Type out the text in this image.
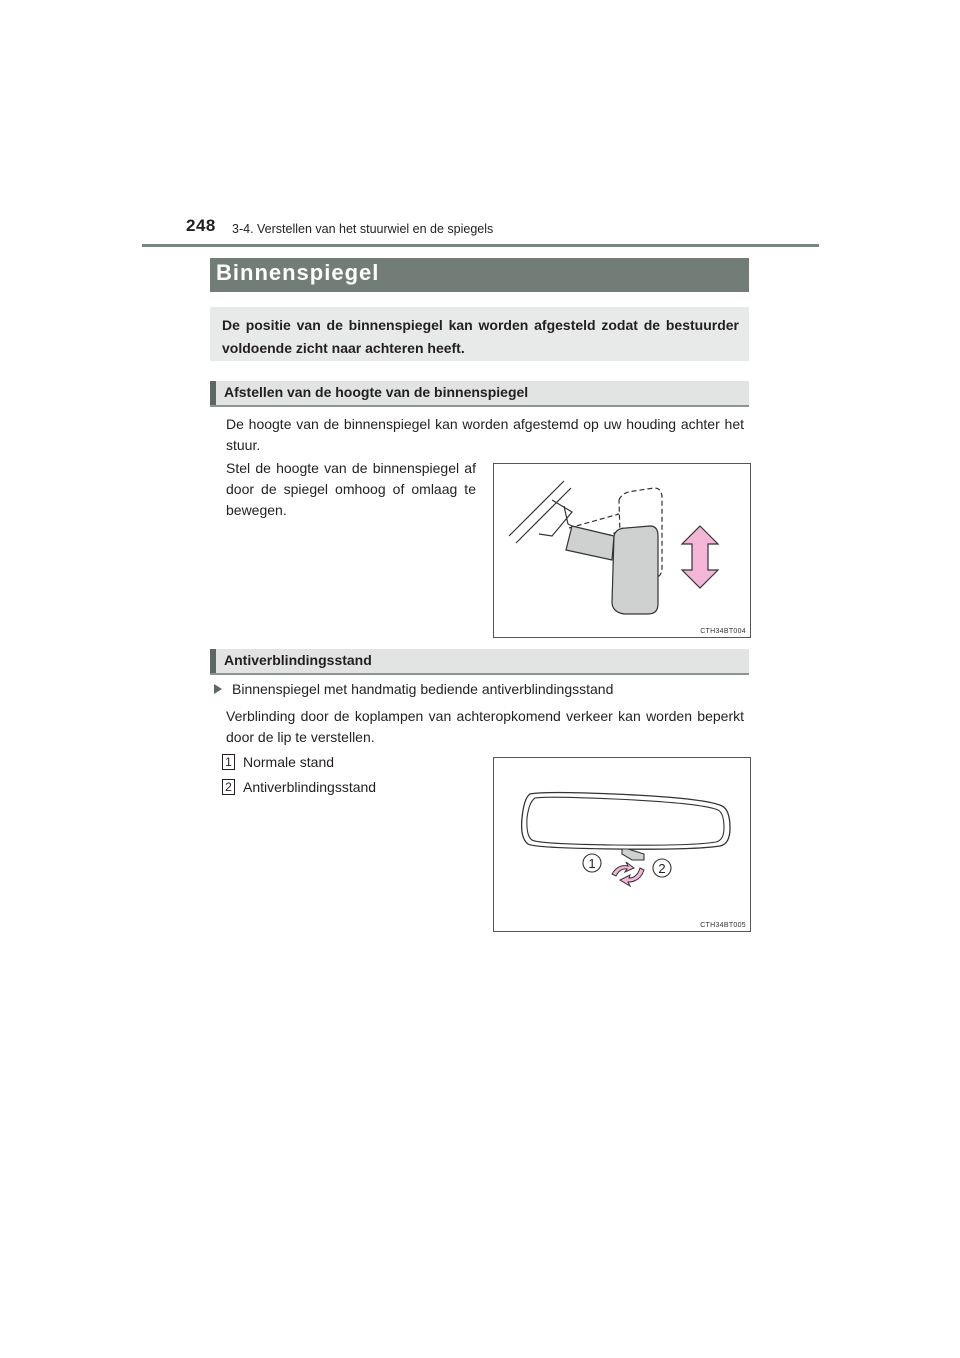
248 3-4. Verstellen van het stuurwiel en de spiegels
Binnenspiegel
De positie van de binnenspiegel kan worden afgesteld zodat de bestuurder voldoende zicht naar achteren heeft.
Afstellen van de hoogte van de binnenspiegel
De hoogte van de binnenspiegel kan worden afgestemd op uw houding achter het stuur.
Stel de hoogte van de binnenspiegel af door de spiegel omhoog of omlaag te bewegen.
CTH34BT004
Antiverblindingsstand
Binnenspiegel met handmatig bediende antiverblindingsstand
Verblinding door de koplampen van achteropkomend verkeer kan worden beperkt door de lip te verstellen.
1 Normale stand
2 Antiverblindingsstand
1	2
CTH34BT005
